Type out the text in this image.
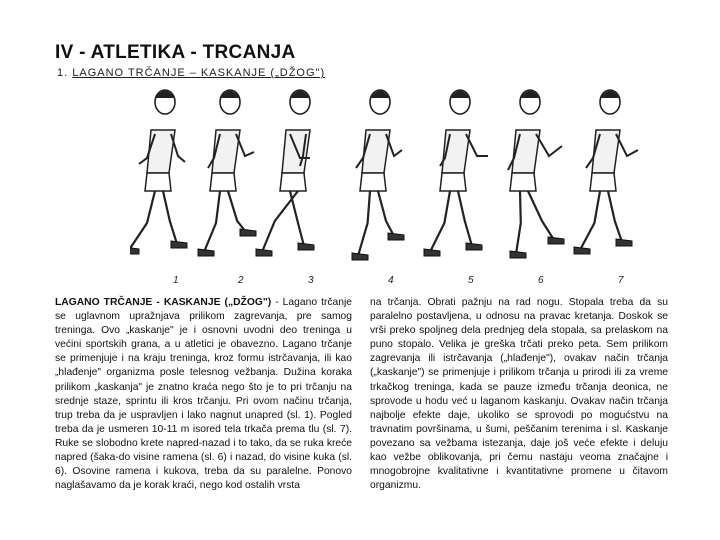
IV - ATLETIKA - TRCANJA
1. LAGANO TRČANJE – KASKANJE („DŽOG")
1	2	3	4	5	6	7
LAGANO TRČANJE - KASKANJE („DŽOG") - Lagano trčanje se uglavnom upražnjava prilikom zagrevanja, pre samog treninga. Ovo „kaskanje" je i osnovni uvodni deo treninga u većini sportskih grana, a u atletici je obavezno. Lagano trčanje se primenjuje i na kraju treninga, kroz formu istrčavanja, ili kao „hlađenje" organizma posle telesnog vežbanja. Dužina koraka prilikom „kaskanja" je znatno kraća nego što je to pri trčanju na srednje staze, sprintu ili kros trčanju. Pri ovom načinu trčanja, trup treba da je uspravljen i lako nagnut unapred (sl. 1). Pogled treba da je usmeren 10-11 m isored tela trkača prema tlu (sl. 7). Ruke se slobodno krete napred-nazad i to tako, da se ruka kreće napred (šaka-do visine ramena (sl. 6) i nazad, do visine kuka (sl. 6). Osovine ramena i kukova, treba da su paralelne. Ponovo naglašavamo da je korak kraći, nego kod ostalih vrsta
na trčanja. Obrati pažnju na rad nogu. Stopala treba da su paralelno postavljena, u odnosu na pravac kretanja. Doskok se vrši preko spoljneg dela prednjeg dela stopala, sa prelaskom na puno stopalo. Velika je greška trčati preko peta. Sem prilikom zagrevanja ili istrčavanja („hlađenje"), ovakav način trčanja („kaskanje") se primenjuje i prilikom trčanja u prirodi ili za vreme trkačkog treninga, kada se pauze između trčanja deonica, ne sprovode u hodu već u laganom kaskanju. Ovakav način trčanja najbolje efekte daje, ukoliko se sprovodi po mogućstvu na travnatim površinama, u šumi, peščanim terenima i sl. Kaskanje povezano sa vežbama istezanja, daje još veće efekte i deluju kao vežbe oblikovanja, pri čemu nastaju veoma značajne i mnogobrojne kvalitativne i kvantitativne promene u čitavom organizmu.
